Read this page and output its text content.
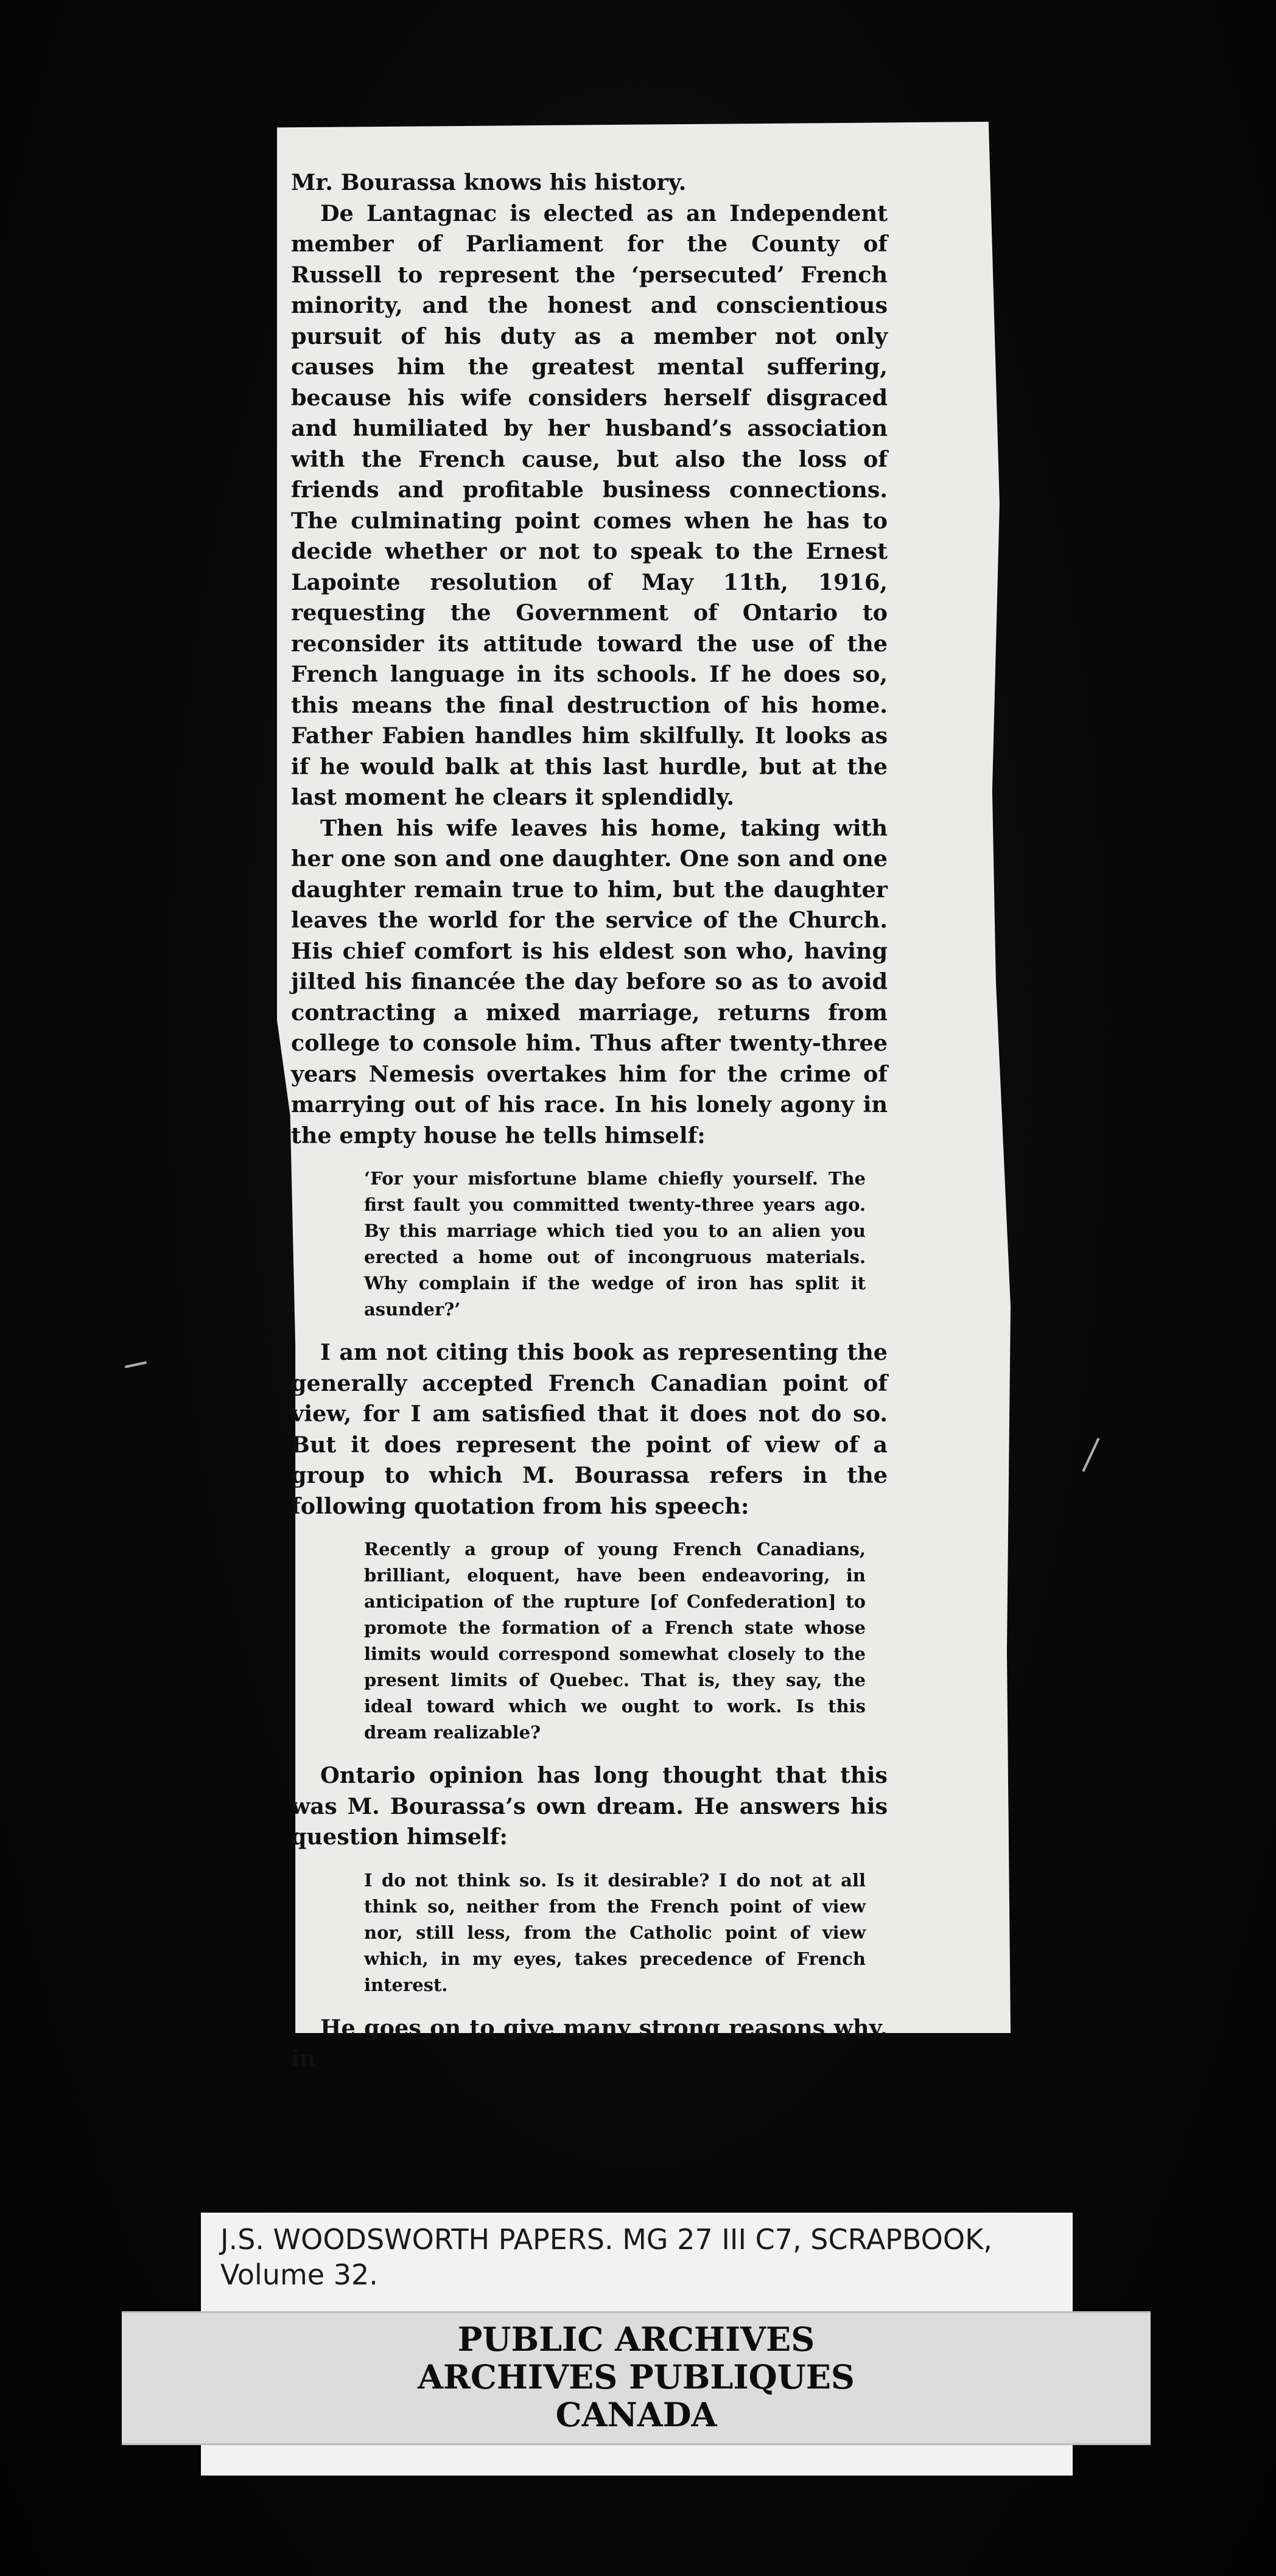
Mr. Bourassa knows his history.

De Lantagnac is elected as an Independent member of Parliament for the County of Russell to represent the ‘persecuted’ French minority, and the honest and conscientious pursuit of his duty as a member not only causes him the greatest mental suffering, because his wife considers herself disgraced and humiliated by her husband’s association with the French cause, but also the loss of friends and profitable business connections. The culminating point comes when he has to decide whether or not to speak to the Ernest Lapointe resolution of May 11th, 1916, requesting the Government of Ontario to reconsider its attitude toward the use of the French language in its schools. If he does so, this means the final destruction of his home. Father Fabien handles him skilfully. It looks as if he would balk at this last hurdle, but at the last moment he clears it splendidly.

Then his wife leaves his home, taking with her one son and one daughter. One son and one daughter remain true to him, but the daughter leaves the world for the service of the Church. His chief comfort is his eldest son who, having jilted his financée the day before so as to avoid contracting a mixed marriage, returns from college to console him. Thus after twenty-three years Nemesis overtakes him for the crime of marrying out of his race. In his lonely agony in the empty house he tells himself:

‘For your misfortune blame chiefly yourself. The first fault you committed twenty-three years ago. By this marriage which tied you to an alien you erected a home out of incongruous materials. Why complain if the wedge of iron has split it asunder?’

I am not citing this book as representing the generally accepted French Canadian point of view, for I am satisfied that it does not do so. But it does represent the point of view of a group to which M. Bourassa refers in the following quotation from his speech:

Recently a group of young French Canadians, brilliant, eloquent, have been endeavoring, in anticipation of the rupture [of Confederation] to promote the formation of a French state whose limits would correspond somewhat closely to the present limits of Quebec. That is, they say, the ideal toward which we ought to work. Is this dream realizable?

Ontario opinion has long thought that this was M. Bourassa’s own dream. He answers his question himself:

I do not think so. Is it desirable? I do not at all think so, neither from the French point of view nor, still less, from the Catholic point of view which, in my eyes, takes precedence of French interest.

He goes on to give many strong reasons why, in

J.S. WOODSWORTH PAPERS. MG 27 III C7, SCRAPBOOK,
Volume 32.
PUBLIC ARCHIVES
ARCHIVES PUBLIQUES
CANADA
